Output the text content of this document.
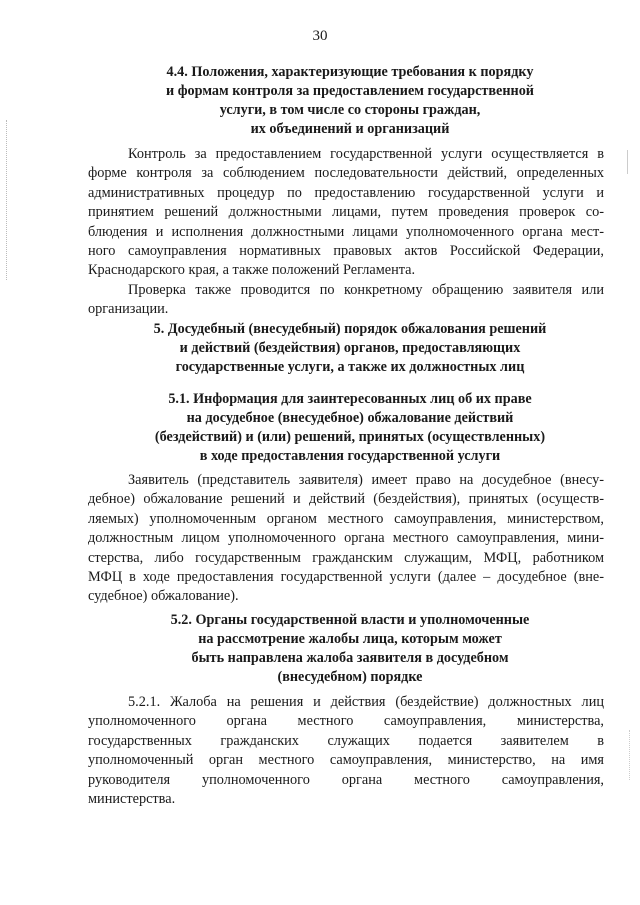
30
4.4. Положения, характеризующие требования к порядку
и формам контроля за предоставлением государственной
услуги, в том числе со стороны граждан,
их объединений и организаций
Контроль за предоставлением государственной услуги осуществляется в
форме контроля за соблюдением последовательности действий, определенных
административных процедур по предоставлению государственной услуги и
принятием решений должностными лицами, путем проведения проверок со-
блюдения и исполнения должностными лицами уполномоченного органа мест-
ного самоуправления нормативных правовых актов Российской Федерации,
Краснодарского края, а также положений Регламента.
Проверка также проводится по конкретному обращению заявителя или
организации.
5. Досудебный (внесудебный) порядок обжалования решений
и действий (бездействия) органов, предоставляющих
государственные услуги, а также их должностных лиц
5.1. Информация для заинтересованных лиц об их праве
на досудебное (внесудебное) обжалование действий
(бездействий) и (или) решений, принятых (осуществленных)
в ходе предоставления государственной услуги
Заявитель (представитель заявителя) имеет право на досудебное (внесу-
дебное) обжалование решений и действий (бездействия), принятых (осуществ-
ляемых) уполномоченным органом местного самоуправления, министерством,
должностным лицом уполномоченного органа местного самоуправления, мини-
стерства, либо государственным гражданским служащим, МФЦ, работником
МФЦ в ходе предоставления государственной услуги (далее – досудебное (вне-
судебное) обжалование).
5.2. Органы государственной власти и уполномоченные
на рассмотрение жалобы лица, которым может
быть направлена жалоба заявителя в досудебном
(внесудебном) порядке
5.2.1. Жалоба на решения и действия (бездействие) должностных лиц
уполномоченного органа местного самоуправления, министерства,
государственных гражданских служащих подается заявителем в
уполномоченный орган местного самоуправления, министерство, на имя
руководителя уполномоченного органа местного самоуправления,
министерства.
